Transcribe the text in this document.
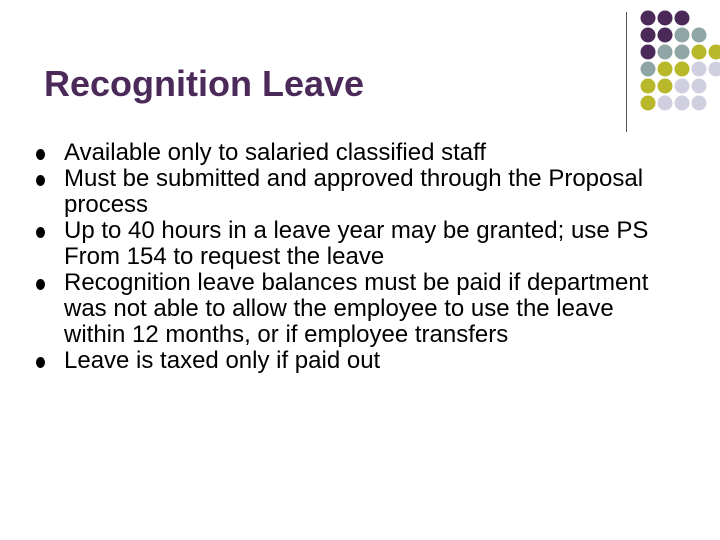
Recognition Leave
Available only to salaried classified staff
Must be submitted and approved through the Proposal process
Up to 40 hours in a leave year may be granted; use PS From 154 to request the leave
Recognition leave balances must be paid if department was not able to allow the employee to use the leave within 12 months, or if employee transfers
Leave is taxed only if paid out
